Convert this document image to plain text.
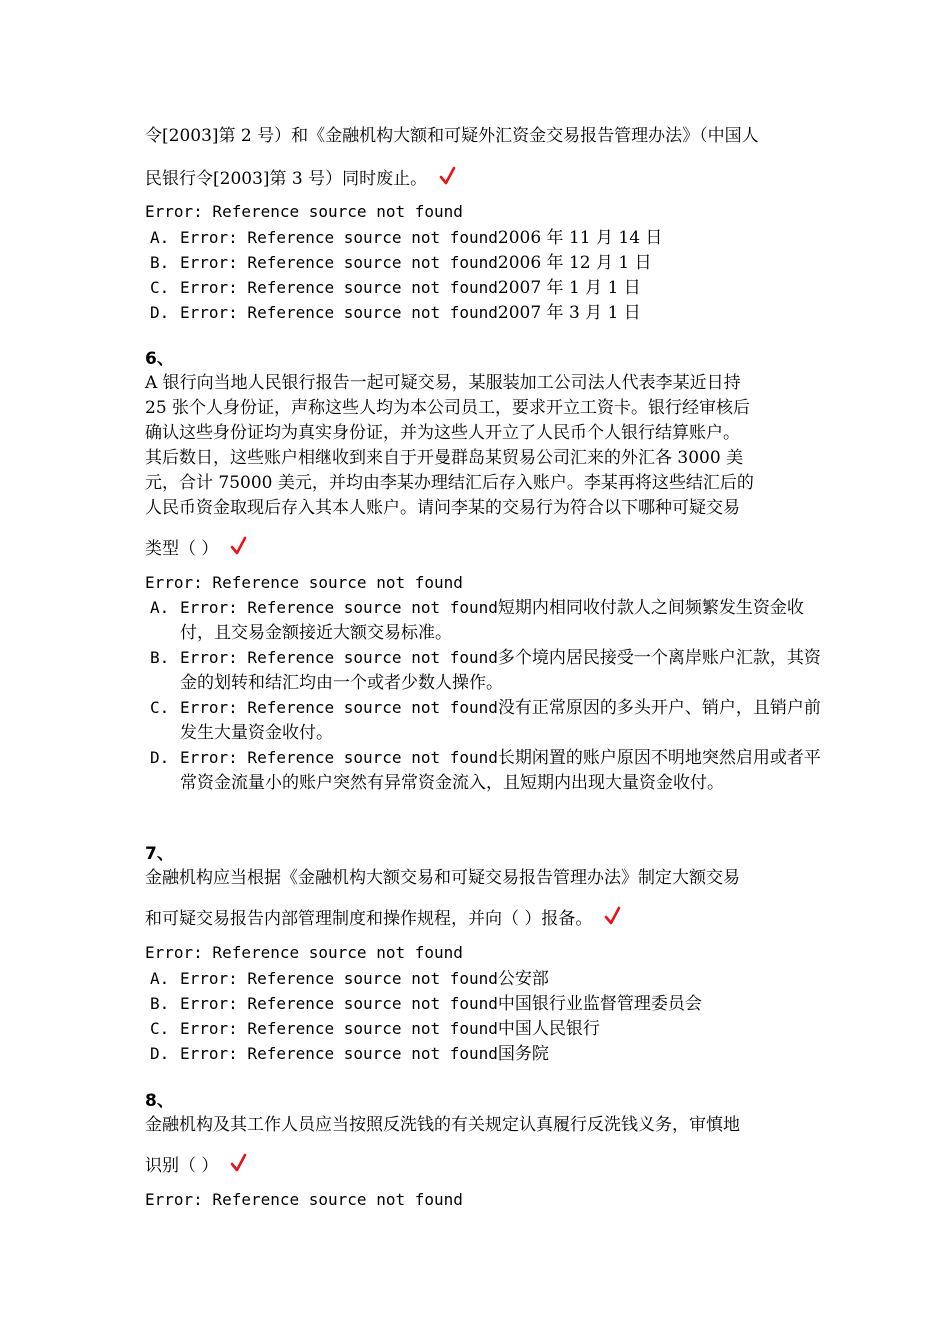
令[2003]第 2 号）和《金融机构大额和可疑外汇资金交易报告管理办法》（中国人
民银行令[2003]第 3 号）同时废止。
Error: Reference source not found
A. Error: Reference source not found2006 年 11 月 14 日
B. Error: Reference source not found2006 年 12 月 1 日
C. Error: Reference source not found2007 年 1 月 1 日
D. Error: Reference source not found2007 年 3 月 1 日
6、
A 银行向当地人民银行报告一起可疑交易，某服装加工公司法人代表李某近日持
25 张个人身份证，声称这些人均为本公司员工，要求开立工资卡。银行经审核后
确认这些身份证均为真实身份证，并为这些人开立了人民币个人银行结算账户。
其后数日，这些账户相继收到来自于开曼群岛某贸易公司汇来的外汇各 3000 美
元，合计 75000 美元，并均由李某办理结汇后存入账户。李某再将这些结汇后的
人民币资金取现后存入其本人账户。请问李某的交易行为符合以下哪种可疑交易
类型（ ）
Error: Reference source not found
A. Error: Reference source not found短期内相同收付款人之间频繁发生资金收付，且交易金额接近大额交易标准。
B. Error: Reference source not found多个境内居民接受一个离岸账户汇款，其资金的划转和结汇均由一个或者少数人操作。
C. Error: Reference source not found没有正常原因的多头开户、销户，且销户前发生大量资金收付。
D. Error: Reference source not found长期闲置的账户原因不明地突然启用或者平常资金流量小的账户突然有异常资金流入，且短期内出现大量资金收付。
7、
金融机构应当根据《金融机构大额交易和可疑交易报告管理办法》制定大额交易
和可疑交易报告内部管理制度和操作规程，并向（ ）报备。
Error: Reference source not found
A. Error: Reference source not found公安部
B. Error: Reference source not found中国银行业监督管理委员会
C. Error: Reference source not found中国人民银行
D. Error: Reference source not found国务院
8、
金融机构及其工作人员应当按照反洗钱的有关规定认真履行反洗钱义务，审慎地
识别（ ）
Error: Reference source not found
